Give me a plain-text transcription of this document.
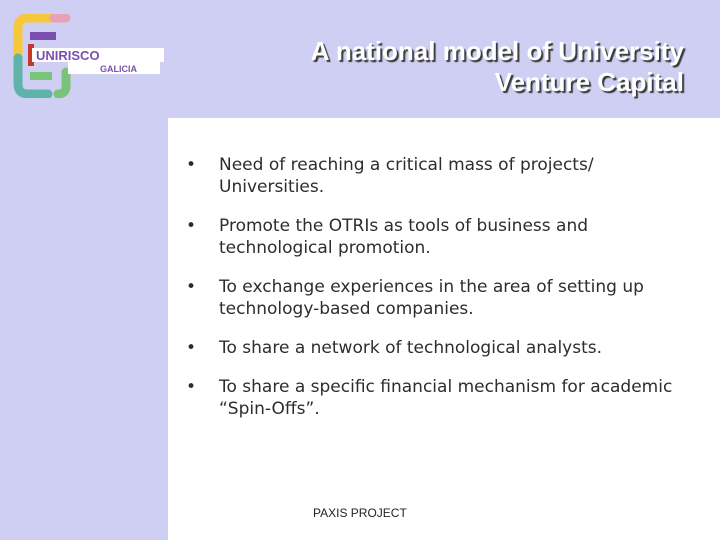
UNIRISCO
GALICIA
A national model of University
Venture Capital
•	Need of reaching a critical mass of projects/ Universities.
•	Promote the OTRIs as tools of business and technological promotion.
•	To exchange experiences in the area of setting up technology-based companies.
•	To share a network of technological analysts.
•	To share a specific financial mechanism for academic “Spin-Offs”.
PAXIS PROJECT
